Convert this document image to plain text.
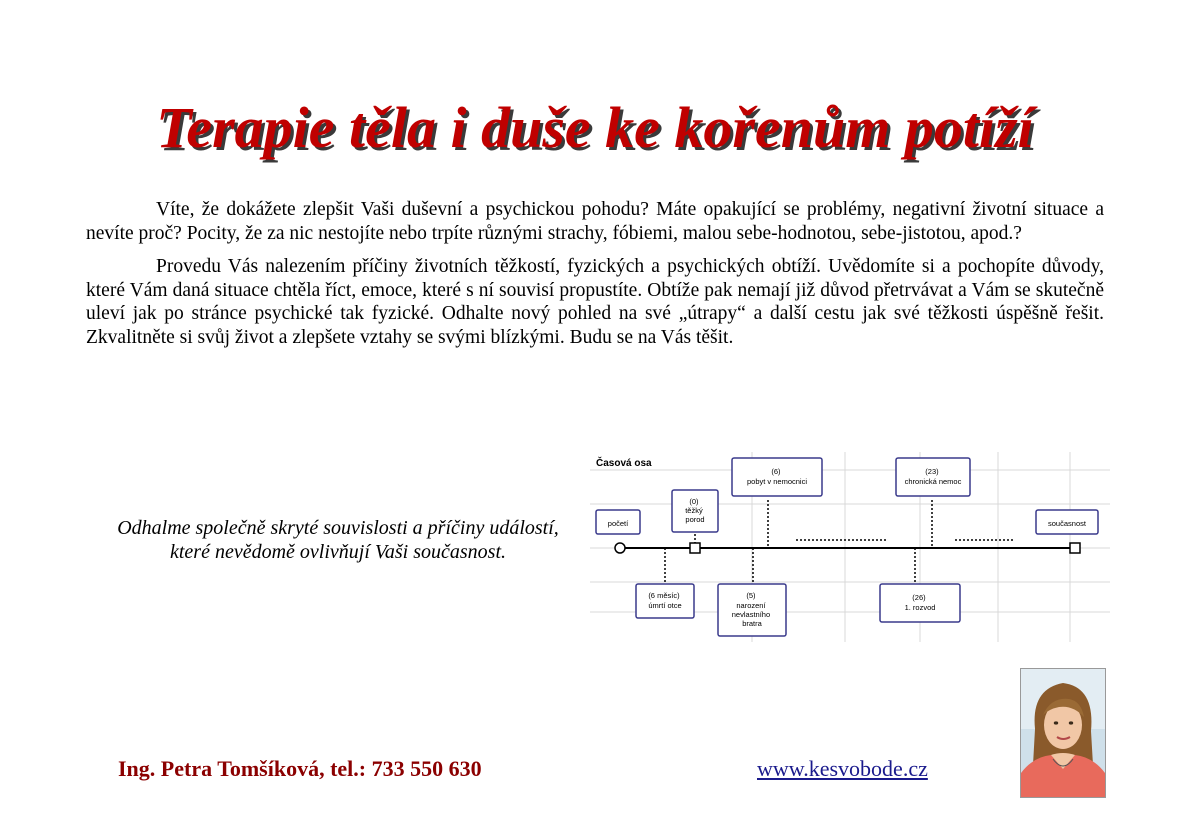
Terapie těla i duše ke kořenům potíží

Víte, že dokážete zlepšit Vaši duševní a psychickou pohodu? Máte opakující se problémy, negativní životní situace a nevíte proč? Pocity, že za nic nestojíte nebo trpíte různými strachy, fóbiemi, malou sebe-hodnotou, sebe-jistotou, apod.?

Provedu Vás nalezením příčiny životních těžkostí, fyzických a psychických obtíží. Uvědomíte si a pochopíte důvody, které Vám daná situace chtěla říct, emoce, které s ní souvisí propustíte. Obtíže pak nemají již důvod přetrvávat a Vám se skutečně uleví jak po stránce psychické tak fyzické. Odhalte nový pohled na své „útrapy“ a další cestu jak své těžkosti úspěšně řešit. Zkvalitněte si svůj život a zlepšete vztahy se svými blízkými. Budu se na Vás těšit.

Odhalme společně skryté souvislosti a příčiny událostí, které nevědomě ovlivňují Vaši současnost.
Časová osa
početí	současnost
(0) těžký porod
(6) pobyt v nemocnici
(23) chronická nemoc
(6 měsíc) úmrtí otce
(5) narození nevlastního bratra
(26) 1. rozvod
Ing. Petra Tomšíková, tel.: 733 550 630	www.kesvobode.cz
